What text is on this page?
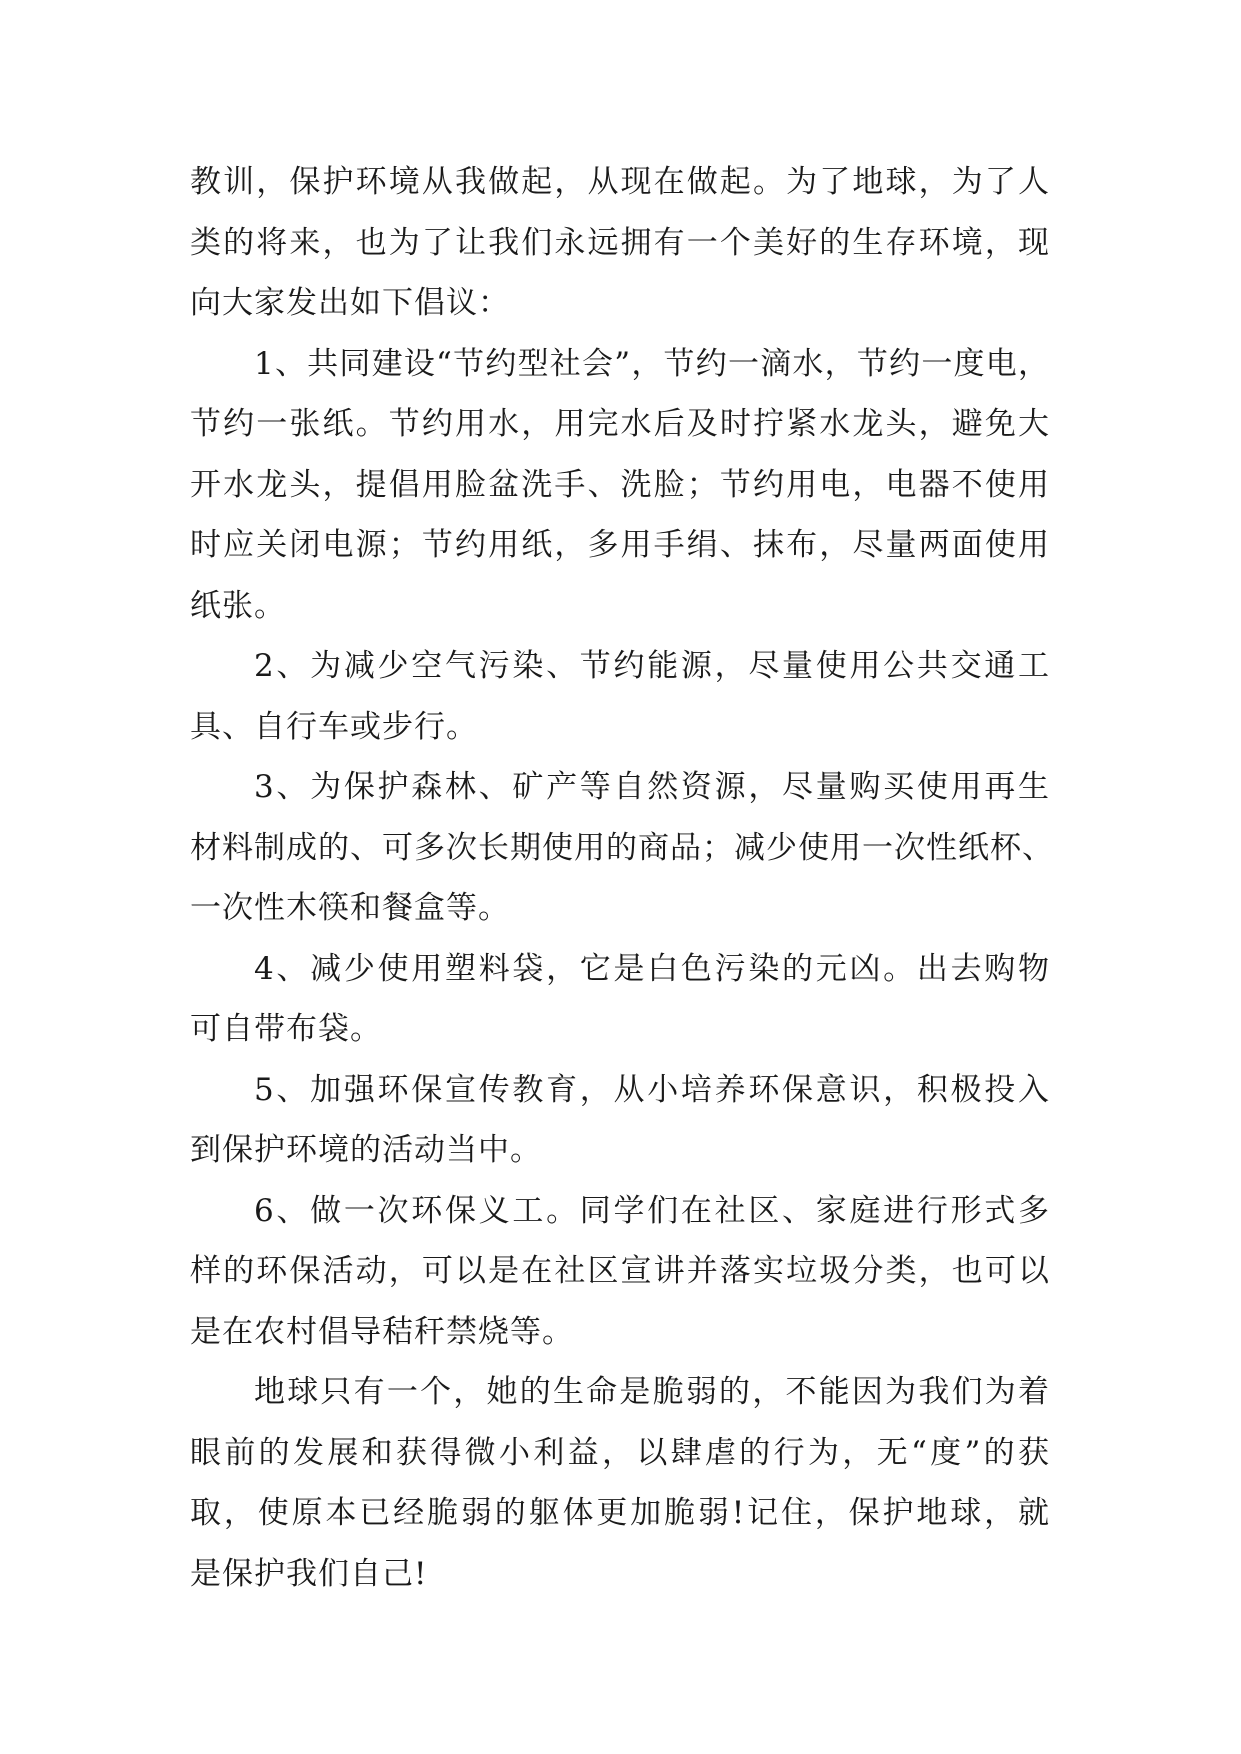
教训，保护环境从我做起，从现在做起。为了地球，为了人
类的将来，也为了让我们永远拥有一个美好的生存环境，现
向大家发出如下倡议：
1、共同建设“节约型社会”，节约一滴水，节约一度电，
节约一张纸。节约用水，用完水后及时拧紧水龙头，避免大
开水龙头，提倡用脸盆洗手、洗脸；节约用电，电器不使用
时应关闭电源；节约用纸，多用手绢、抹布，尽量两面使用
纸张。
2、为减少空气污染、节约能源，尽量使用公共交通工
具、自行车或步行。
3、为保护森林、矿产等自然资源，尽量购买使用再生
材料制成的、可多次长期使用的商品；减少使用一次性纸杯、
一次性木筷和餐盒等。
4、减少使用塑料袋，它是白色污染的元凶。出去购物
可自带布袋。
5、加强环保宣传教育，从小培养环保意识，积极投入
到保护环境的活动当中。
6、做一次环保义工。同学们在社区、家庭进行形式多
样的环保活动，可以是在社区宣讲并落实垃圾分类，也可以
是在农村倡导秸秆禁烧等。
地球只有一个，她的生命是脆弱的，不能因为我们为着
眼前的发展和获得微小利益，以肆虐的行为，无“度”的获
取，使原本已经脆弱的躯体更加脆弱!记住，保护地球，就
是保护我们自己!
